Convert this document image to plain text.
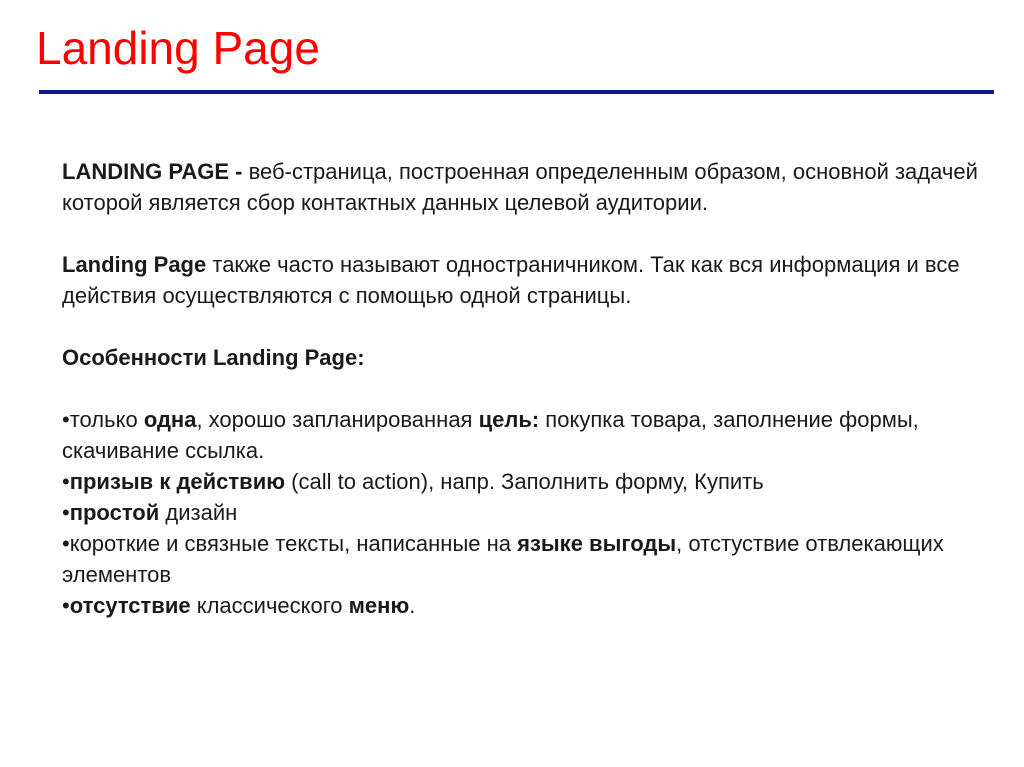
Landing Page

LANDING PAGE - веб-страница, построенная определенным образом, основной задачей которой является сбор контактных данных целевой аудитории.

Landing Page также часто называют одностраничником. Так как вся информация и все действия осуществляются с помощью одной страницы.

Особенности Landing Page:

•только одна, хорошо запланированная цель: покупка товара, заполнение формы, скачивание ссылка.

•призыв к действию (call to action), напр. Заполнить форму, Купить

•простой дизайн

•короткие и связные тексты, написанные на языке выгоды, отстуствие отвлекающих элементов

•отсутствие классического меню.
